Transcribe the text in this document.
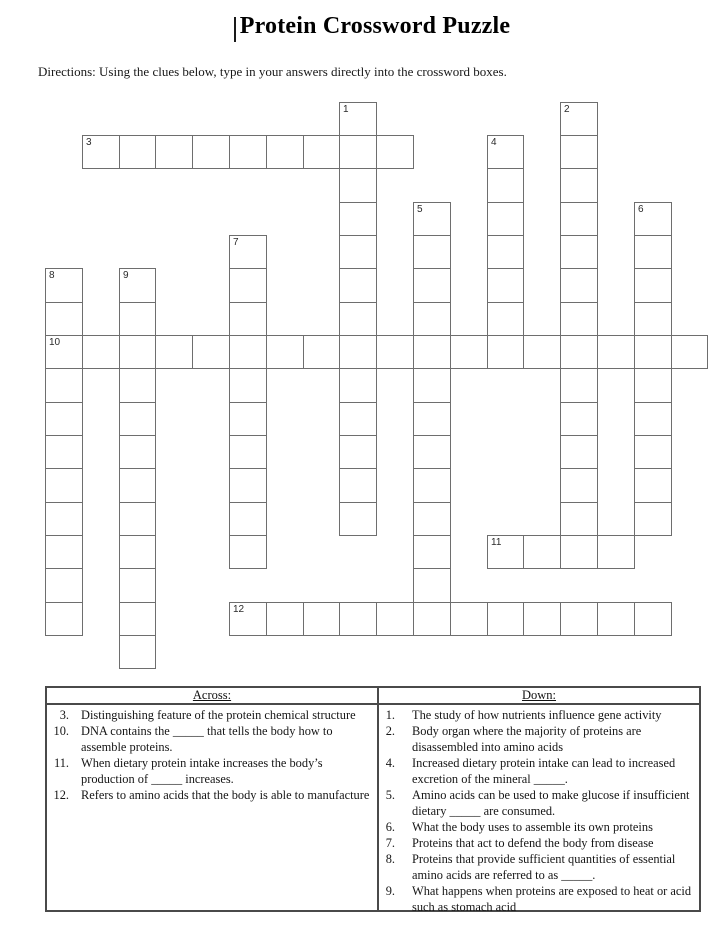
Protein Crossword Puzzle

Directions: Using the clues below, type in your answers directly into the crossword boxes.

1	2
3	4
5	6
7
8	9
10
11
12
Across:
3. Distinguishing feature of the protein chemical structure
10. DNA contains the _____ that tells the body how to assemble proteins.
11. When dietary protein intake increases the body’s production of _____ increases.
12. Refers to amino acids that the body is able to manufacture
Down:
1. The study of how nutrients influence gene activity
2. Body organ where the majority of proteins are disassembled into amino acids
4. Increased dietary protein intake can lead to increased excretion of the mineral _____.
5. Amino acids can be used to make glucose if insufficient dietary _____ are consumed.
6. What the body uses to assemble its own proteins
7. Proteins that act to defend the body from disease
8. Proteins that provide sufficient quantities of essential amino acids are referred to as _____.
9. What happens when proteins are exposed to heat or acid such as stomach acid
